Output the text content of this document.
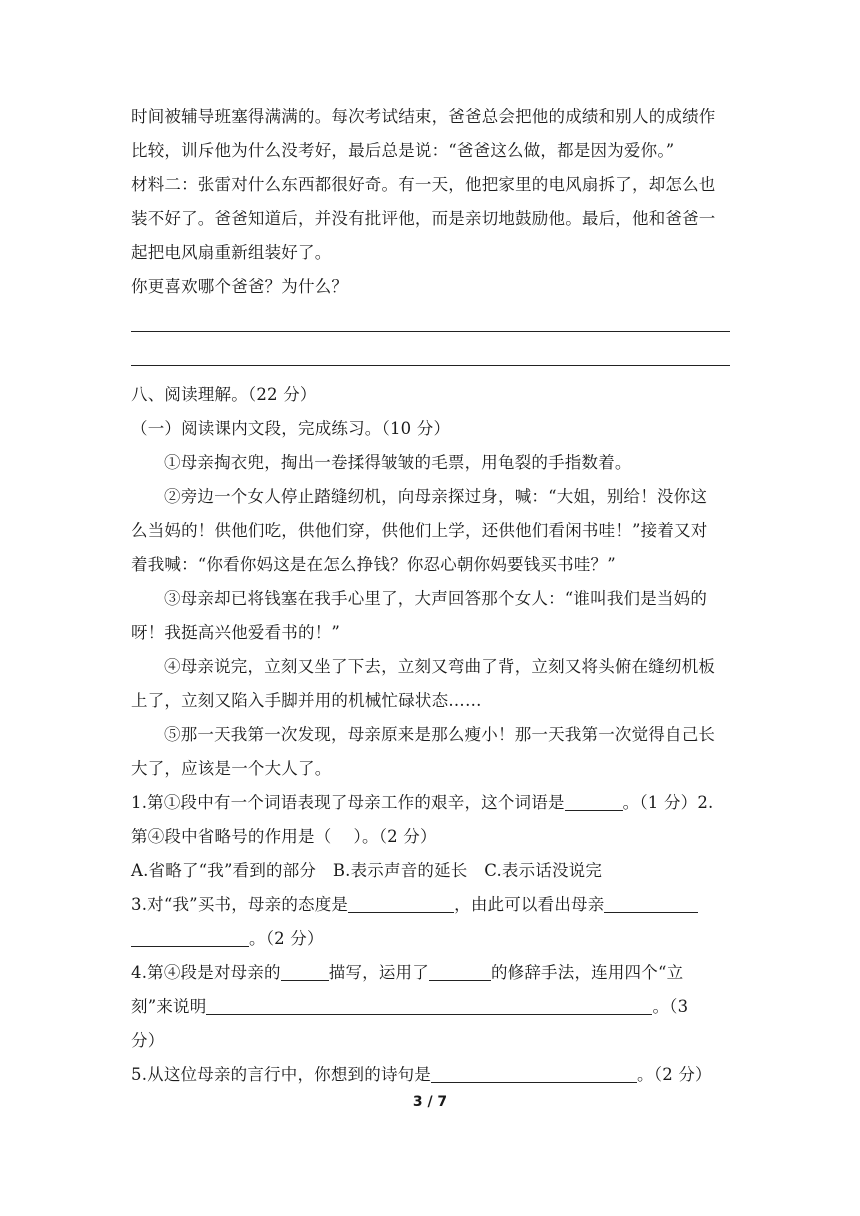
时间被辅导班塞得满满的。每次考试结束，爸爸总会把他的成绩和别人的成绩作
比较，训斥他为什么没考好，最后总是说：“爸爸这么做，都是因为爱你。”
材料二：张雷对什么东西都很好奇。有一天，他把家里的电风扇拆了，却怎么也
装不好了。爸爸知道后，并没有批评他，而是亲切地鼓励他。最后，他和爸爸一
起把电风扇重新组装好了。
你更喜欢哪个爸爸？为什么？
八、阅读理解。（22 分）
（一）阅读课内文段，完成练习。（10 分）
①母亲掏衣兜，掏出一卷揉得皱皱的毛票，用龟裂的手指数着。
②旁边一个女人停止踏缝纫机，向母亲探过身，喊：“大姐，别给！没你这
么当妈的！供他们吃，供他们穿，供他们上学，还供他们看闲书哇！”接着又对
着我喊：“你看你妈这是在怎么挣钱？你忍心朝你妈要钱买书哇？”
③母亲却已将钱塞在我手心里了，大声回答那个女人：“谁叫我们是当妈的
呀！我挺高兴他爱看书的！”
④母亲说完，立刻又坐了下去，立刻又弯曲了背，立刻又将头俯在缝纫机板
上了，立刻又陷入手脚并用的机械忙碌状态……
⑤那一天我第一次发现，母亲原来是那么瘦小！那一天我第一次觉得自己长
大了，应该是一个大人了。
1.第①段中有一个词语表现了母亲工作的艰辛，这个词语是	。（1 分）2.
第④段中省略号的作用是（　 ）。（2 分）
A.省略了“我”看到的部分　B.表示声音的延长　C.表示话没说完
3.对“我”买书，母亲的态度是	，由此可以看出母亲
。（2 分）
4.第④段是对母亲的	描写，运用了	的修辞手法，连用四个“立
刻”来说明	。（3
分）
5.从这位母亲的言行中，你想到的诗句是	。（2 分）
3 / 7
